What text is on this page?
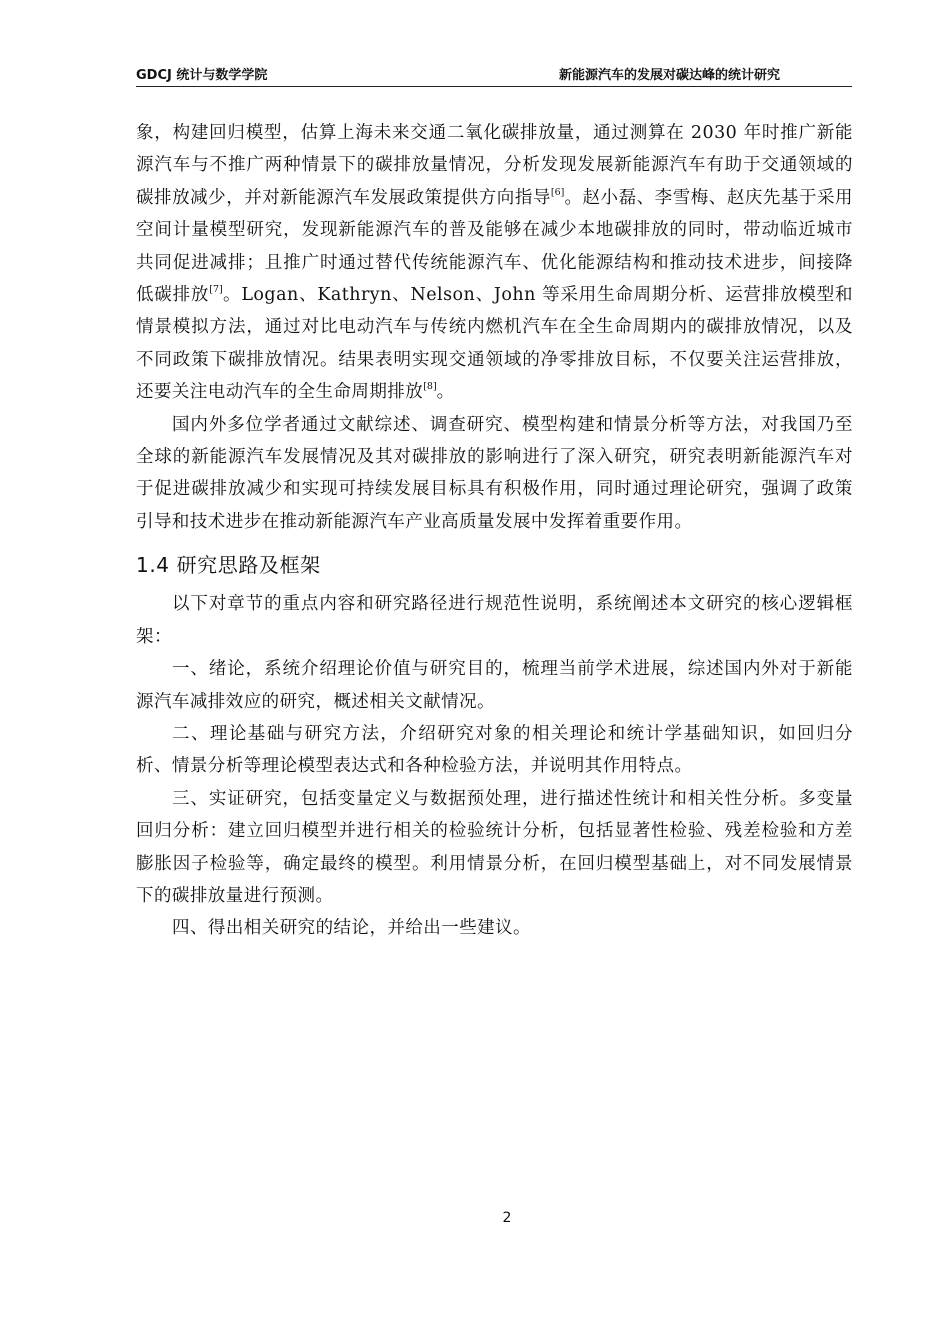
GDCJ 统计与数学学院	新能源汽车的发展对碳达峰的统计研究

象，构建回归模型，估算上海未来交通二氧化碳排放量，通过测算在 2030 年时推广新能源汽车与不推广两种情景下的碳排放量情况，分析发现发展新能源汽车有助于交通领域的碳排放减少，并对新能源汽车发展政策提供方向指导[6]。赵小磊、李雪梅、赵庆先基于采用空间计量模型研究，发现新能源汽车的普及能够在减少本地碳排放的同时，带动临近城市共同促进减排；且推广时通过替代传统能源汽车、优化能源结构和推动技术进步，间接降低碳排放[7]。Logan、Kathryn、Nelson、John 等采用生命周期分析、运营排放模型和情景模拟方法，通过对比电动汽车与传统内燃机汽车在全生命周期内的碳排放情况，以及不同政策下碳排放情况。结果表明实现交通领域的净零排放目标，不仅要关注运营排放，还要关注电动汽车的全生命周期排放[8]。

国内外多位学者通过文献综述、调查研究、模型构建和情景分析等方法，对我国乃至全球的新能源汽车发展情况及其对碳排放的影响进行了深入研究，研究表明新能源汽车对于促进碳排放减少和实现可持续发展目标具有积极作用，同时通过理论研究，强调了政策引导和技术进步在推动新能源汽车产业高质量发展中发挥着重要作用。

1.4 研究思路及框架

以下对章节的重点内容和研究路径进行规范性说明，系统阐述本文研究的核心逻辑框架：

一、绪论，系统介绍理论价值与研究目的，梳理当前学术进展，综述国内外对于新能源汽车减排效应的研究，概述相关文献情况。

二、理论基础与研究方法，介绍研究对象的相关理论和统计学基础知识，如回归分析、情景分析等理论模型表达式和各种检验方法，并说明其作用特点。

三、实证研究，包括变量定义与数据预处理，进行描述性统计和相关性分析。多变量回归分析：建立回归模型并进行相关的检验统计分析，包括显著性检验、残差检验和方差膨胀因子检验等，确定最终的模型。利用情景分析，在回归模型基础上，对不同发展情景下的碳排放量进行预测。

四、得出相关研究的结论，并给出一些建议。

2
